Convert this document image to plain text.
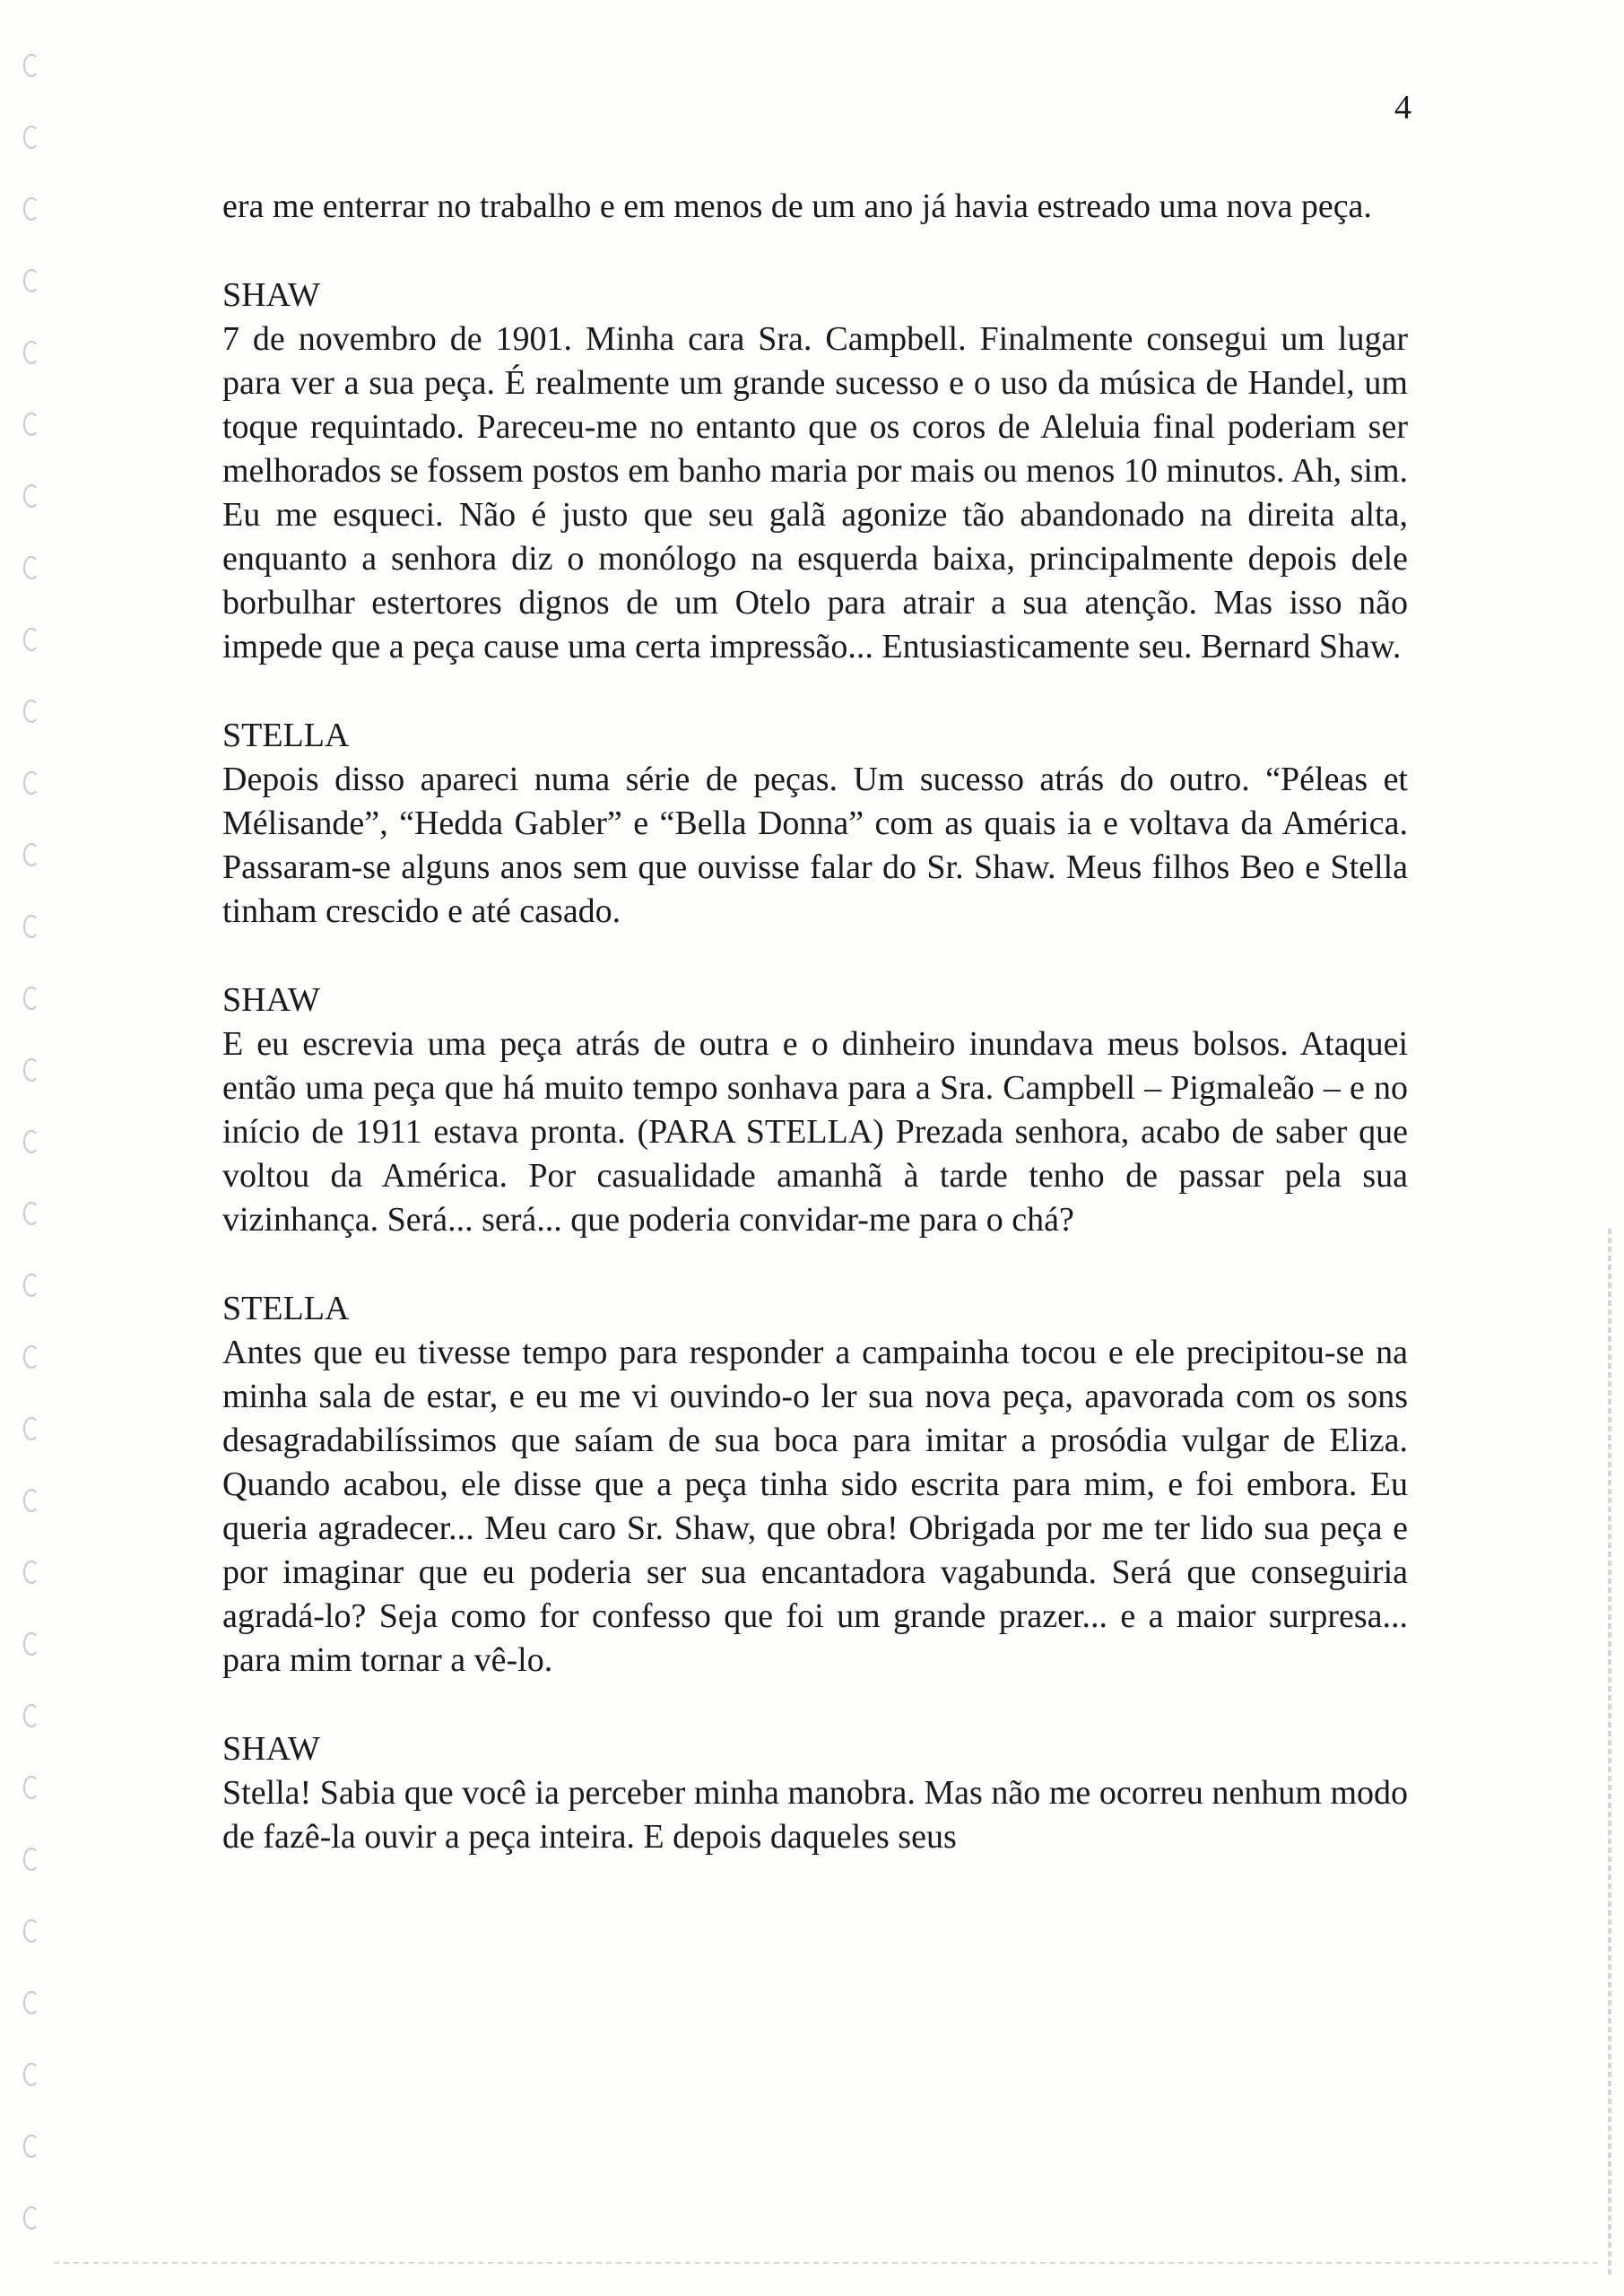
4

era me enterrar no trabalho e em menos de um ano já havia estreado uma nova peça.

SHAW

7 de novembro de 1901. Minha cara Sra. Campbell. Finalmente consegui um lugar para ver a sua peça. É realmente um grande sucesso e o uso da música de Handel, um toque requintado. Pareceu-me no entanto que os coros de Aleluia final poderiam ser melhorados se fossem postos em banho maria por mais ou menos 10 minutos. Ah, sim. Eu me esqueci. Não é justo que seu galã agonize tão abandonado na direita alta, enquanto a senhora diz o monólogo na esquerda baixa, principalmente depois dele borbulhar estertores dignos de um Otelo para atrair a sua atenção. Mas isso não impede que a peça cause uma certa impressão... Entusiasticamente seu. Bernard Shaw.

STELLA

Depois disso apareci numa série de peças. Um sucesso atrás do outro. “Péleas et Mélisande”, “Hedda Gabler” e “Bella Donna” com as quais ia e voltava da América. Passaram-se alguns anos sem que ouvisse falar do Sr. Shaw. Meus filhos Beo e Stella tinham crescido e até casado.

SHAW

E eu escrevia uma peça atrás de outra e o dinheiro inundava meus bolsos. Ataquei então uma peça que há muito tempo sonhava para a Sra. Campbell – Pigmaleão – e no início de 1911 estava pronta. (PARA STELLA) Prezada senhora, acabo de saber que voltou da América. Por casualidade amanhã à tarde tenho de passar pela sua vizinhança. Será... será... que poderia convidar-me para o chá?

STELLA

Antes que eu tivesse tempo para responder a campainha tocou e ele precipitou-se na minha sala de estar, e eu me vi ouvindo-o ler sua nova peça, apavorada com os sons desagradabilíssimos que saíam de sua boca para imitar a prosódia vulgar de Eliza. Quando acabou, ele disse que a peça tinha sido escrita para mim, e foi embora. Eu queria agradecer... Meu caro Sr. Shaw, que obra! Obrigada por me ter lido sua peça e por imaginar que eu poderia ser sua encantadora vagabunda. Será que conseguiria agradá-lo? Seja como for confesso que foi um grande prazer... e a maior surpresa... para mim tornar a vê-lo.

SHAW

Stella! Sabia que você ia perceber minha manobra. Mas não me ocorreu nenhum modo de fazê-la ouvir a peça inteira. E depois daqueles seus
